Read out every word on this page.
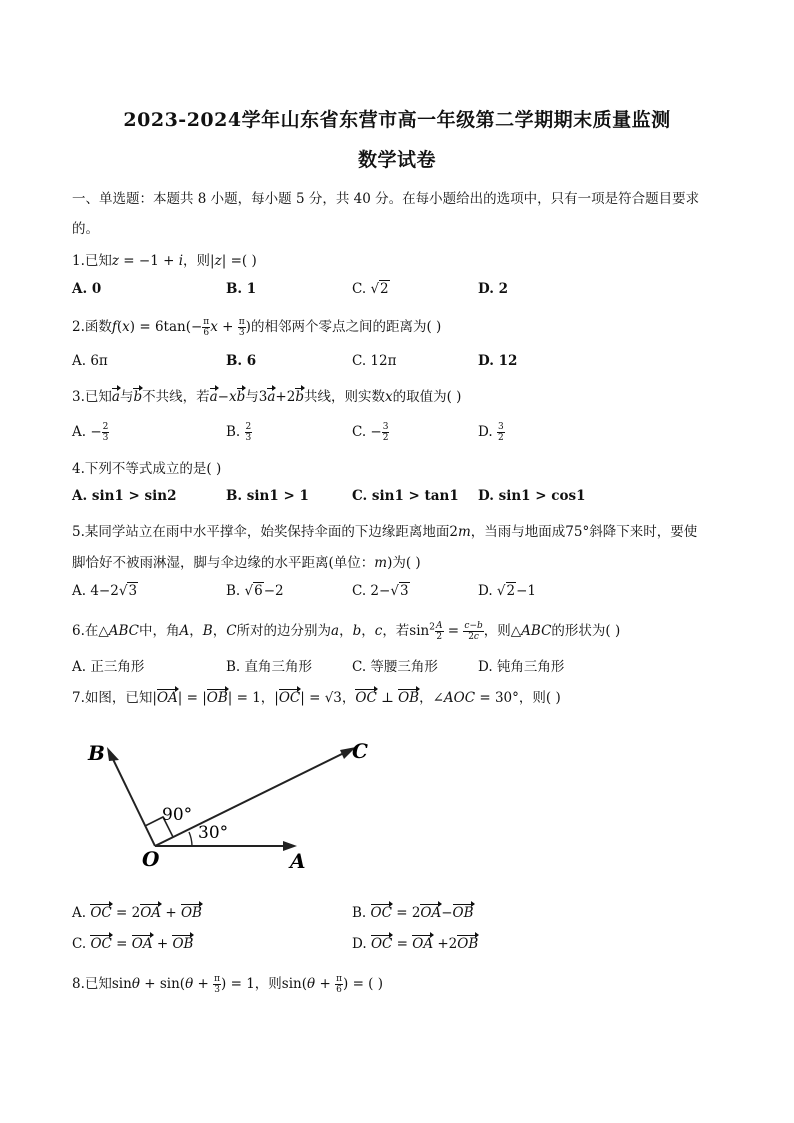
2023-2024学年山东省东营市高一年级第二学期期末质量监测
数学试卷
一、单选题：本题共 8 小题，每小题 5 分，共 40 分。在每小题给出的选项中，只有一项是符合题目要求
的。
1.已知z = −1 + i，则|z| =( )
A. 0	B. 1	C. √2	D. 2
2.函数$f(x) = 6\tan(- \frac{\pi}{6}$ $x + \frac{\pi}{3}$ )的相邻两个零点之间的距离为( )
A. 6π	B. 6	C. 12π	D. 12
3.已知a与b不共线，若a−xb与3a+2b共线，则实数x的取值为( )
A. − $\frac{2}{3}$	B. $\frac{2}{3}$	C. − $\frac{3}{2}$	D. $\frac{3}{2}$
4.下列不等式成立的是( )
A. sin1 > sin2	B. sin1 > 1	C. sin1 > tan1 D. sin1 > cos1
5.某同学站立在雨中水平撑伞，始奖保持伞面的下边缘距离地面2m，当雨与地面成75°斜降下来时，要使
脚恰好不被雨淋湿，脚与伞边缘的水平距离(单位：m)为( )
A. 4−2√3	B. √6−2	C. 2−√3	D. √2−1
6.在△ABC中，角A，B，C所对的边分别为a，b，c，若$\sin^2 \frac{A}{2} = \frac{c-b}{2c}$ ，则△ABC的形状为( )
A. 正三角形	B. 直角三角形	C. 等腰三角形	D. 钝角三角形
7.如图，已知|OA| = |OB| = 1，|OC| = √3，OC ⊥ OB，∠AOC = 30°，则( )
B	C
O	A
90°
30°
A. OC = 2OA + OB	B. OC = 2OA−OB
C. OC = OA + OB	D. OC = OA +2OB
8.已知$\sin\theta + \sin(\theta + \frac{\pi}{3}$ ) = 1，则$\sin(\theta + \frac{\pi}{6}$ ) = ( )
